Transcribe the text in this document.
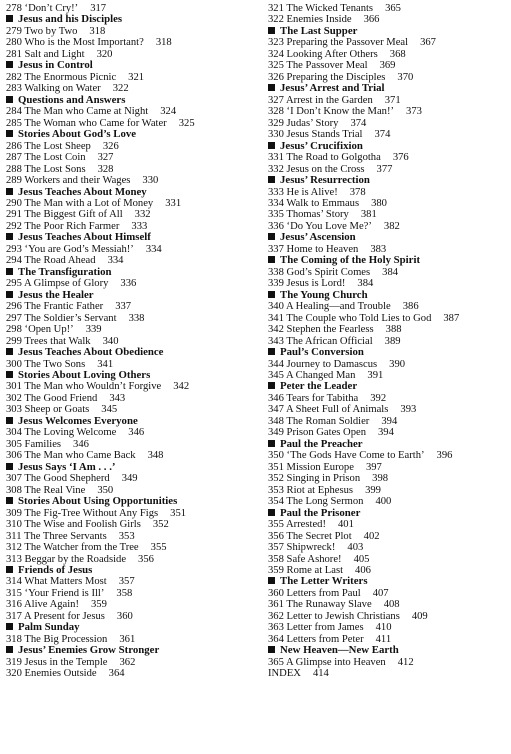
278 ‘Don’t Cry!’ 317
Jesus and his Disciples
279 Two by Two 318
280 Who is the Most Important? 318
281 Salt and Light 320
Jesus in Control
282 The Enormous Picnic 321
283 Walking on Water 322
Questions and Answers
284 The Man who Came at Night 324
285 The Woman who Came for Water 325
Stories About God’s Love
286 The Lost Sheep 326
287 The Lost Coin 327
288 The Lost Sons 328
289 Workers and their Wages 330
Jesus Teaches About Money
290 The Man with a Lot of Money 331
291 The Biggest Gift of All 332
292 The Poor Rich Farmer 333
Jesus Teaches About Himself
293 ‘You are God’s Messiah!’ 334
294 The Road Ahead 334
The Transfiguration
295 A Glimpse of Glory 336
Jesus the Healer
296 The Frantic Father 337
297 The Soldier’s Servant 338
298 ‘Open Up!’ 339
299 Trees that Walk 340
Jesus Teaches About Obedience
300 The Two Sons 341
Stories About Loving Others
301 The Man who Wouldn’t Forgive 342
302 The Good Friend 343
303 Sheep or Goats 345
Jesus Welcomes Everyone
304 The Loving Welcome 346
305 Families 346
306 The Man who Came Back 348
Jesus Says ‘I Am . . .’
307 The Good Shepherd 349
308 The Real Vine 350
Stories About Using Opportunities
309 The Fig-Tree Without Any Figs 351
310 The Wise and Foolish Girls 352
311 The Three Servants 353
312 The Watcher from the Tree 355
313 Beggar by the Roadside 356
Friends of Jesus
314 What Matters Most 357
315 ‘Your Friend is Ill’ 358
316 Alive Again! 359
317 A Present for Jesus 360
Palm Sunday
318 The Big Procession 361
Jesus’ Enemies Grow Stronger
319 Jesus in the Temple 362
320 Enemies Outside 364
321 The Wicked Tenants 365
322 Enemies Inside 366
The Last Supper
323 Preparing the Passover Meal 367
324 Looking After Others 368
325 The Passover Meal 369
326 Preparing the Disciples 370
Jesus’ Arrest and Trial
327 Arrest in the Garden 371
328 ‘I Don’t Know the Man!’ 373
329 Judas’ Story 374
330 Jesus Stands Trial 374
Jesus’ Crucifixion
331 The Road to Golgotha 376
332 Jesus on the Cross 377
Jesus’ Resurrection
333 He is Alive! 378
334 Walk to Emmaus 380
335 Thomas’ Story 381
336 ‘Do You Love Me?’ 382
Jesus’ Ascension
337 Home to Heaven 383
The Coming of the Holy Spirit
338 God’s Spirit Comes 384
339 Jesus is Lord! 384
The Young Church
340 A Healing—and Trouble 386
341 The Couple who Told Lies to God 387
342 Stephen the Fearless 388
343 The African Official 389
Paul’s Conversion
344 Journey to Damascus 390
345 A Changed Man 391
Peter the Leader
346 Tears for Tabitha 392
347 A Sheet Full of Animals 393
348 The Roman Soldier 394
349 Prison Gates Open 394
Paul the Preacher
350 ‘The Gods Have Come to Earth’ 396
351 Mission Europe 397
352 Singing in Prison 398
353 Riot at Ephesus 399
354 The Long Sermon 400
Paul the Prisoner
355 Arrested! 401
356 The Secret Plot 402
357 Shipwreck! 403
358 Safe Ashore! 405
359 Rome at Last 406
The Letter Writers
360 Letters from Paul 407
361 The Runaway Slave 408
362 Letter to Jewish Christians 409
363 Letter from James 410
364 Letters from Peter 411
New Heaven—New Earth
365 A Glimpse into Heaven 412
INDEX 414
